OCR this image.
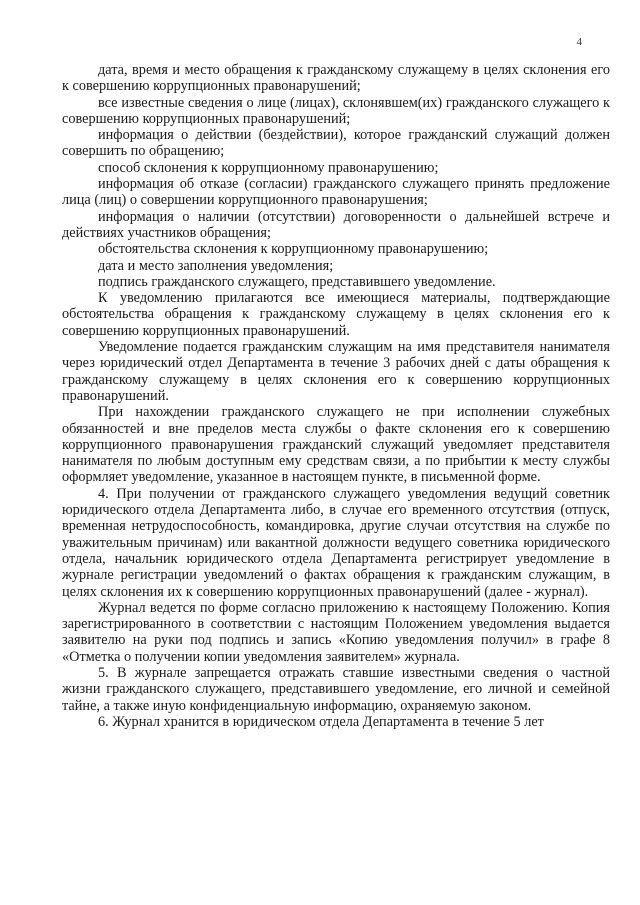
4

дата, время и место обращения к гражданскому служащему в целях склонения его к совершению коррупционных правонарушений;

все известные сведения о лице (лицах), склонявшем(их) гражданского служащего к совершению коррупционных правонарушений;

информация о действии (бездействии), которое гражданский служащий должен совершить по обращению;

способ склонения к коррупционному правонарушению;

информация об отказе (согласии) гражданского служащего принять предложение лица (лиц) о совершении коррупционного правонарушения;

информация о наличии (отсутствии) договоренности о дальнейшей встрече и действиях участников обращения;

обстоятельства склонения к коррупционному правонарушению;

дата и место заполнения уведомления;

подпись гражданского служащего, представившего уведомление.

К уведомлению прилагаются все имеющиеся материалы, подтверждающие обстоятельства обращения к гражданскому служащему в целях склонения его к совершению коррупционных правонарушений.

Уведомление подается гражданским служащим на имя представителя нанимателя через юридический отдел Департамента в течение 3 рабочих дней с даты обращения к гражданскому служащему в целях склонения его к совершению коррупционных правонарушений.

При нахождении гражданского служащего не при исполнении служебных обязанностей и вне пределов места службы о факте склонения его к совершению коррупционного правонарушения гражданский служащий уведомляет представителя нанимателя по любым доступным ему средствам связи, а по прибытии к месту службы оформляет уведомление, указанное в настоящем пункте, в письменной форме.

4. При получении от гражданского служащего уведомления ведущий советник юридического отдела Департамента либо, в случае его временного отсутствия (отпуск, временная нетрудоспособность, командировка, другие случаи отсутствия на службе по уважительным причинам) или вакантной должности ведущего советника юридического отдела, начальник юридического отдела Департамента регистрирует уведомление в журнале регистрации уведомлений о фактах обращения к гражданским служащим, в целях склонения их к совершению коррупционных правонарушений (далее - журнал).

Журнал ведется по форме согласно приложению к настоящему Положению. Копия зарегистрированного в соответствии с настоящим Положением уведомления выдается заявителю на руки под подпись и запись «Копию уведомления получил» в графе 8 «Отметка о получении копии уведомления заявителем» журнала.

5. В журнале запрещается отражать ставшие известными сведения о частной жизни гражданского служащего, представившего уведомление, его личной и семейной тайне, а также иную конфиденциальную информацию, охраняемую законом.

6. Журнал хранится в юридическом отдела Департамента в течение 5 лет
